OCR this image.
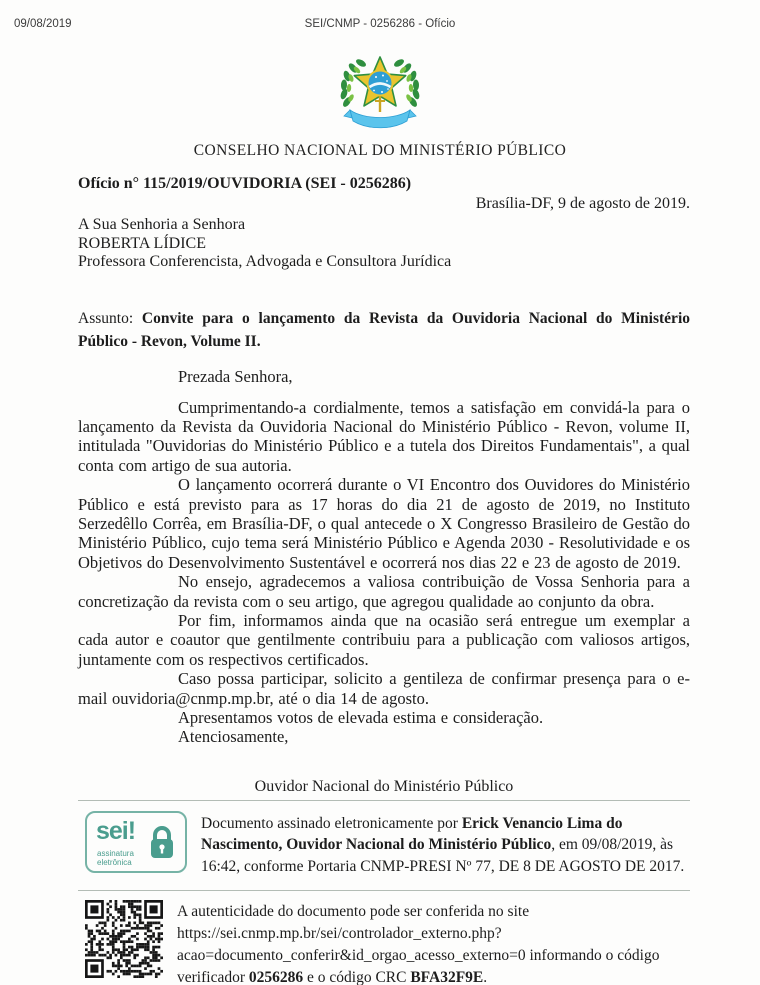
09/08/2019	SEI/CNMP - 0256286 - Ofício
CONSELHO NACIONAL DO MINISTÉRIO PÚBLICO
Ofício n° 115/2019/OUVIDORIA (SEI - 0256286)
Brasília-DF, 9 de agosto de 2019.
A Sua Senhoria a Senhora
ROBERTA LÍDICE
Professora Conferencista, Advogada e Consultora Jurídica

Assunto: Convite para o lançamento da Revista da Ouvidoria Nacional do Ministério Público - Revon, Volume II.

Prezada Senhora,

Cumprimentando-a cordialmente, temos a satisfação em convidá-la para o lançamento da Revista da Ouvidoria Nacional do Ministério Público - Revon, volume II, intitulada "Ouvidorias do Ministério Público e a tutela dos Direitos Fundamentais", a qual conta com artigo de sua autoria.

O lançamento ocorrerá durante o VI Encontro dos Ouvidores do Ministério Público e está previsto para as 17 horas do dia 21 de agosto de 2019, no Instituto Serzedêllo Corrêa, em Brasília-DF, o qual antecede o X Congresso Brasileiro de Gestão do Ministério Público, cujo tema será Ministério Público e Agenda 2030 - Resolutividade e os Objetivos do Desenvolvimento Sustentável e ocorrerá nos dias 22 e 23 de agosto de 2019.

No ensejo, agradecemos a valiosa contribuição de Vossa Senhoria para a concretização da revista com o seu artigo, que agregou qualidade ao conjunto da obra.

Por fim, informamos ainda que na ocasião será entregue um exemplar a cada autor e coautor que gentilmente contribuiu para a publicação com valiosos artigos, juntamente com os respectivos certificados.

Caso possa participar, solicito a gentileza de confirmar presença para o e-mail ouvidoria@cnmp.mp.br, até o dia 14 de agosto.

Apresentamos votos de elevada estima e consideração.

Atenciosamente,

Ouvidor Nacional do Ministério Público
sei!
assinatura
eletrônica

Documento assinado eletronicamente por Erick Venancio Lima do Nascimento, Ouvidor Nacional do Ministério Público, em 09/08/2019, às 16:42, conforme Portaria CNMP-PRESI Nº 77, DE 8 DE AGOSTO DE 2017.

A autenticidade do documento pode ser conferida no site
https://sei.cnmp.mp.br/sei/controlador_externo.php?
acao=documento_conferir&id_orgao_acesso_externo=0 informando o código
verificador 0256286 e o código CRC BFA32F9E.
